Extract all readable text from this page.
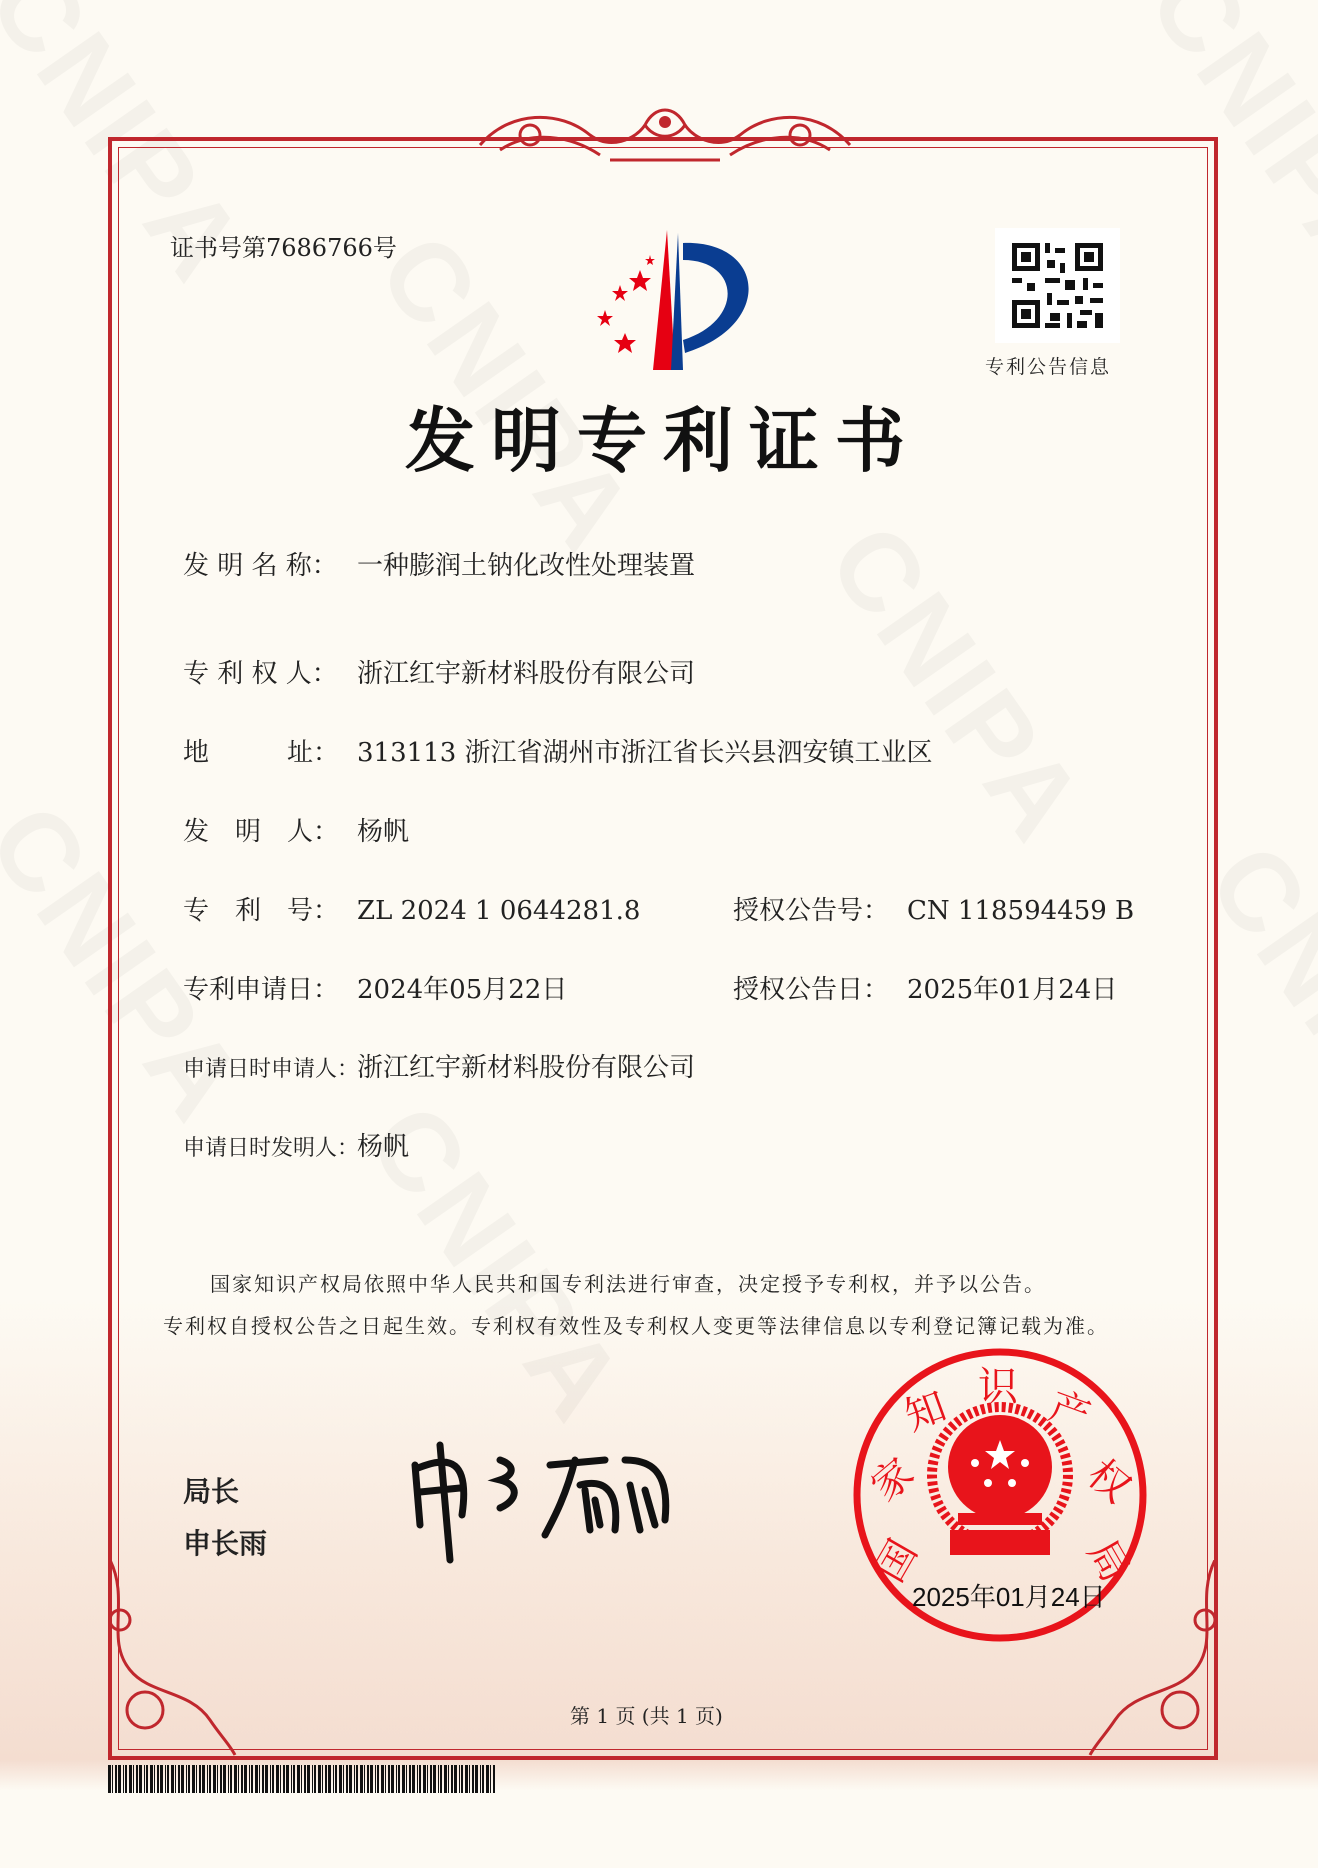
证书号第7686766号
专利公告信息
发明专利证书
发 明 名 称： 一种膨润土钠化改性处理装置
专 利 权 人： 浙江红宇新材料股份有限公司
地　　　址： 313113 浙江省湖州市浙江省长兴县泗安镇工业区
发　明　人： 杨帆
专　利　号： ZL 2024 1 0644281.8
专利申请日： 2024年05月22日
申请日时申请人：浙江红宇新材料股份有限公司
申请日时发明人：杨帆
授权公告号： CN 118594459 B
授权公告日： 2025年01月24日
国家知识产权局依照中华人民共和国专利法进行审查，决定授予专利权，并予以公告。
专利权自授权公告之日起生效。专利权有效性及专利权人变更等法律信息以专利登记簿记载为准。
局长
申长雨	国
家
知 识 产
权
局
2025年01月24日
第 1 页 (共 1 页)
